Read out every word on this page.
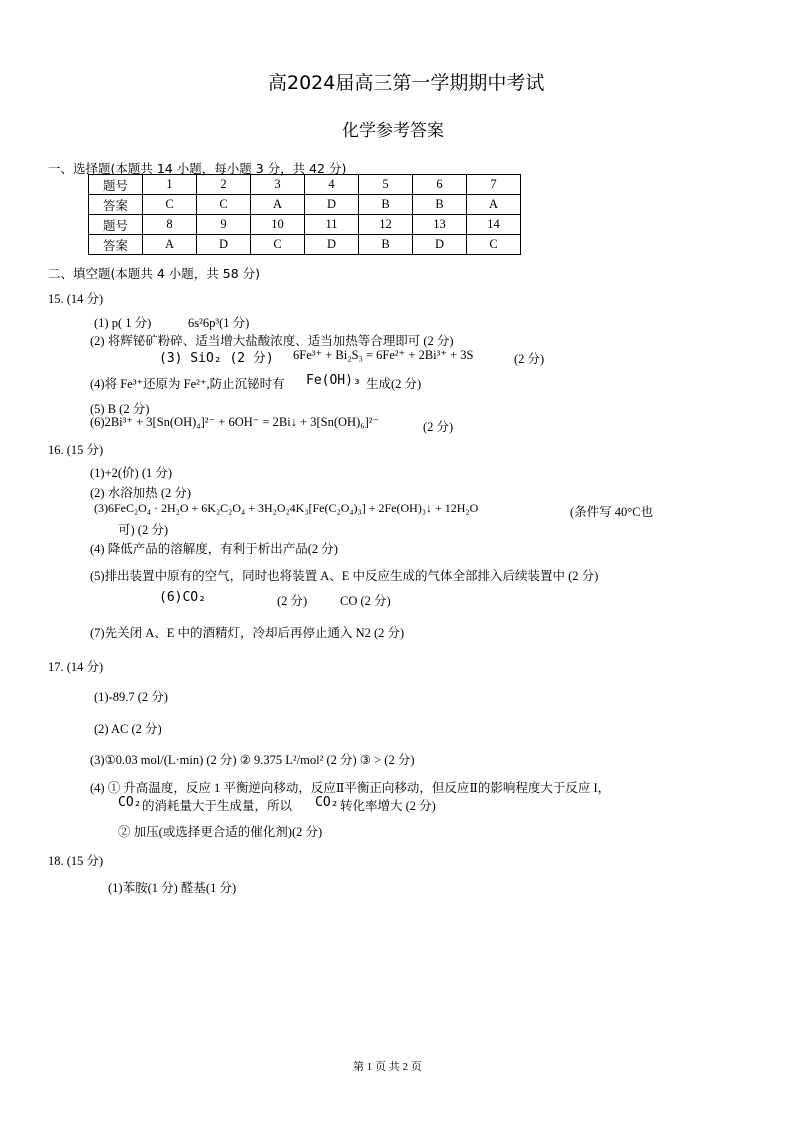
高2024届高三第一学期期中考试
化学参考答案
一、选择题(本题共 14 小题，每小题 3 分，共 42 分)
题号	1	2	3	4	5	6	7
答案	C	C	A	D	B	B	A
题号	8	9	10	11	12	13	14
答案	A	D	C	D	B	D	C
二、填空题(本题共 4 小题，共 58 分)
15. (14 分)
(1) p( 1 分)	6s²6p³(1 分)
(2) 将辉铋矿粉碎、适当增大盐酸浓度、适当加热等合理即可 (2 分)
(3) SiO₂ (2 分) 6Fe³⁺ + Bi₂S₃ = 6Fe²⁺ + 2Bi³⁺ + 3S	(2 分)
(4)将 Fe³⁺还原为 Fe²⁺,防止沉铋时有 Fe(OH)₃ 生成(2 分)
(5) B (2 分)
(6)2Bi³⁺ + 3[Sn(OH)₄]²⁻ + 6OH⁻ = 2Bi↓ + 3[Sn(OH)₆]²⁻	(2 分)
16. (15 分)
(1)+2(价) (1 分)
(2) 水浴加热 (2 分)
(3)6FeC₂O₄ · 2H₂O + 6K₂C₂O₄ + 3H₂O₂4K₃[Fe(C₂O₄)₃] + 2Fe(OH)₃↓ + 12H₂O	(条件写 40°C也
可) (2 分)
(4) 降低产品的溶解度，有利于析出产品(2 分)
(5)排出装置中原有的空气，同时也将装置 A、E 中反应生成的气体全部排入后续装置中 (2 分)
(6)CO₂	(2 分)	CO (2 分)
(7)先关闭 A、E 中的酒精灯，冷却后再停止通入 N2 (2 分)
17. (14 分)
(1)-89.7 (2 分)
(2) AC (2 分)
(3)①0.03 mol/(L·min) (2 分) ② 9.375 L²/mol² (2 分) ③ > (2 分)
(4) ① 升高温度，反应 1 平衡逆向移动，反应Ⅱ平衡正向移动，但反应Ⅱ的影响程度大于反应 I，
CO₂ 的消耗量大于生成量，所以 CO₂ 转化率增大 (2 分)
② 加压(或选择更合适的催化剂)(2 分)
18. (15 分)
(1)苯胺(1 分) 醛基(1 分)
第 1 页 共 2 页
